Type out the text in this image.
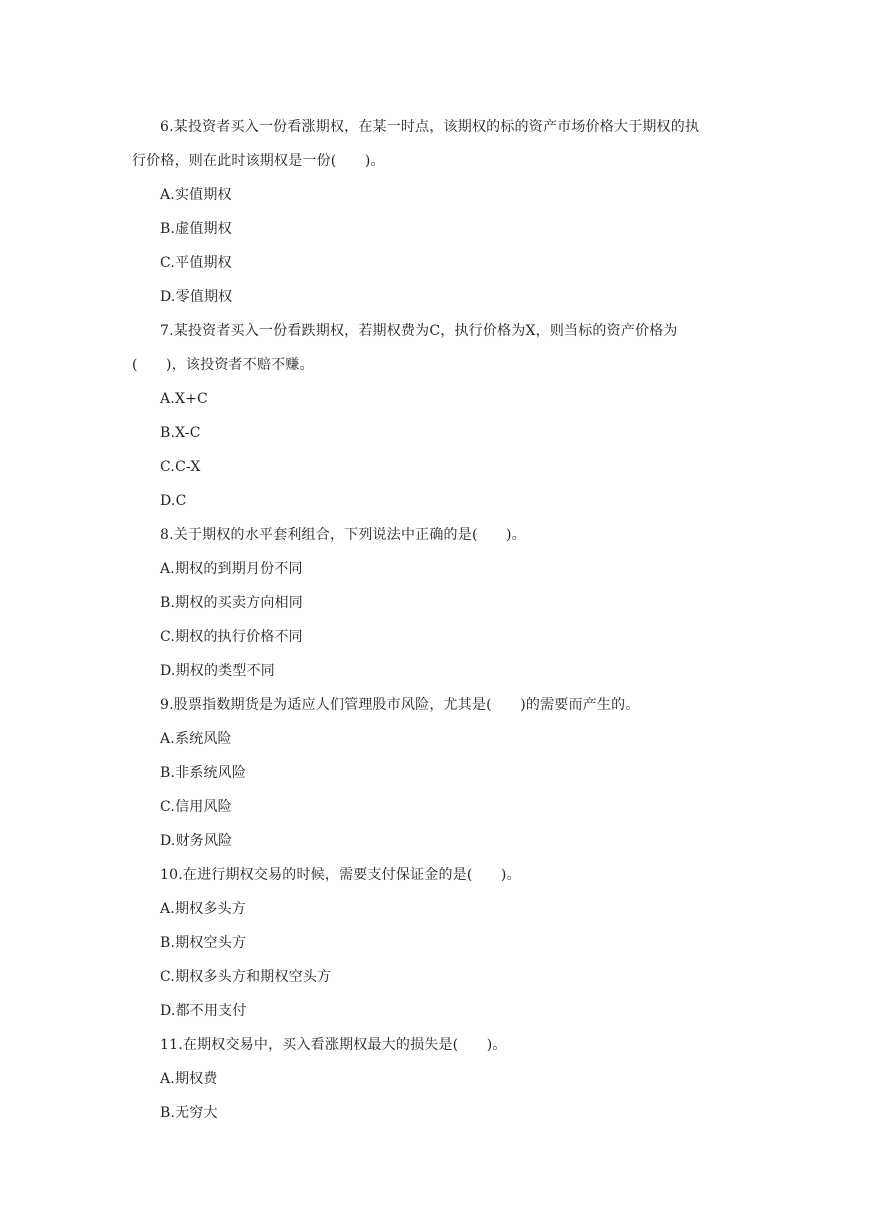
6.某投资者买入一份看涨期权，在某一时点，该期权的标的资产市场价格大于期权的执
行价格，则在此时该期权是一份(　　)。
A.实值期权
B.虚值期权
C.平值期权
D.零值期权
7.某投资者买入一份看跌期权，若期权费为C，执行价格为X，则当标的资产价格为
(　　)，该投资者不赔不赚。
A.X+C
B.X-C
C.C-X
D.C
8.关于期权的水平套利组合，下列说法中正确的是(　　)。
A.期权的到期月份不同
B.期权的买卖方向相同
C.期权的执行价格不同
D.期权的类型不同
9.股票指数期货是为适应人们管理股市风险，尤其是(　　)的需要而产生的。
A.系统风险
B.非系统风险
C.信用风险
D.财务风险
10.在进行期权交易的时候，需要支付保证金的是(　　)。
A.期权多头方
B.期权空头方
C.期权多头方和期权空头方
D.都不用支付
11.在期权交易中，买入看涨期权最大的损失是(　　)。
A.期权费
B.无穷大
